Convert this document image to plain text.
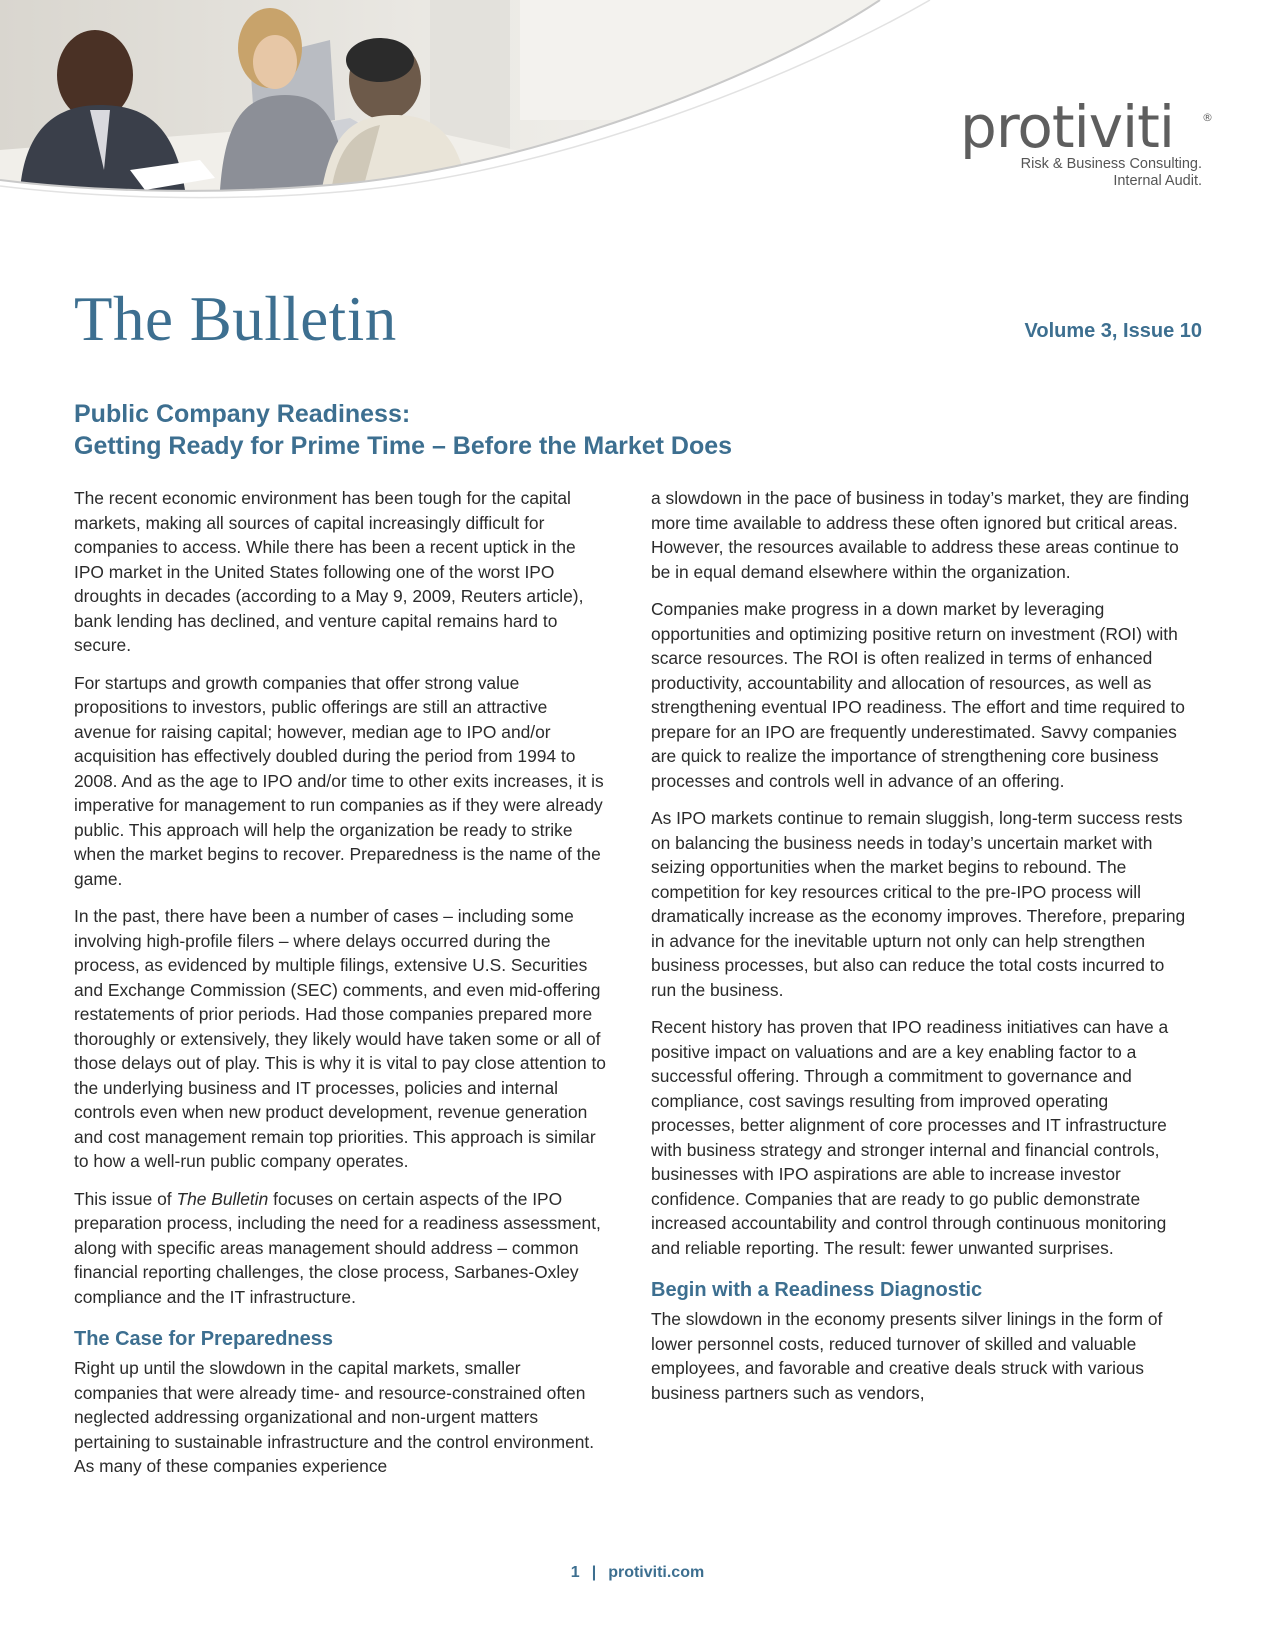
protiviti	®
Risk & Business Consulting.
Internal Audit.
The Bulletin	Volume 3, Issue 10
Public Company Readiness:
Getting Ready for Prime Time – Before the Market Does

The recent economic environment has been tough for the capital markets, making all sources of capital increasingly difficult for companies to access. While there has been a recent uptick in the IPO market in the United States following one of the worst IPO droughts in decades (according to a May 9, 2009, Reuters article), bank lending has declined, and venture capital remains hard to secure.

For startups and growth companies that offer strong value propositions to investors, public offerings are still an attractive avenue for raising capital; however, median age to IPO and/or acquisition has effectively doubled during the period from 1994 to 2008. And as the age to IPO and/or time to other exits increases, it is imperative for management to run companies as if they were already public. This approach will help the organization be ready to strike when the market begins to recover. Preparedness is the name of the game.

In the past, there have been a number of cases – including some involving high-profile filers – where delays occurred during the process, as evidenced by multiple filings, extensive U.S. Securities and Exchange Commission (SEC) comments, and even mid-offering restatements of prior periods. Had those companies prepared more thoroughly or extensively, they likely would have taken some or all of those delays out of play. This is why it is vital to pay close attention to the underlying business and IT processes, policies and internal controls even when new product development, revenue generation and cost management remain top priorities. This approach is similar to how a well-run public company operates.

This issue of The Bulletin focuses on certain aspects of the IPO preparation process, including the need for a readiness assessment, along with specific areas management should address – common financial reporting challenges, the close process, Sarbanes-Oxley compliance and the IT infrastructure.

The Case for Preparedness

Right up until the slowdown in the capital markets, smaller companies that were already time- and resource-constrained often neglected addressing organizational and non-urgent matters pertaining to sustainable infrastructure and the control environment. As many of these companies experience

a slowdown in the pace of business in today’s market, they are finding more time available to address these often ignored but critical areas. However, the resources available to address these areas continue to be in equal demand elsewhere within the organization.

Companies make progress in a down market by leveraging opportunities and optimizing positive return on investment (ROI) with scarce resources. The ROI is often realized in terms of enhanced productivity, accountability and allocation of resources, as well as strengthening eventual IPO readiness. The effort and time required to prepare for an IPO are frequently underestimated. Savvy companies are quick to realize the importance of strengthening core business processes and controls well in advance of an offering.

As IPO markets continue to remain sluggish, long-term success rests on balancing the business needs in today’s uncertain market with seizing opportunities when the market begins to rebound. The competition for key resources critical to the pre-IPO process will dramatically increase as the economy improves. Therefore, preparing in advance for the inevitable upturn not only can help strengthen business processes, but also can reduce the total costs incurred to run the business.

Recent history has proven that IPO readiness initiatives can have a positive impact on valuations and are a key enabling factor to a successful offering. Through a commitment to governance and compliance, cost savings resulting from improved operating processes, better alignment of core processes and IT infrastructure with business strategy and stronger internal and financial controls, businesses with IPO aspirations are able to increase investor confidence. Companies that are ready to go public demonstrate increased accountability and control through continuous monitoring and reliable reporting. The result: fewer unwanted surprises.

Begin with a Readiness Diagnostic

The slowdown in the economy presents silver linings in the form of lower personnel costs, reduced turnover of skilled and valuable employees, and favorable and creative deals struck with various business partners such as vendors,

1 | protiviti.com
